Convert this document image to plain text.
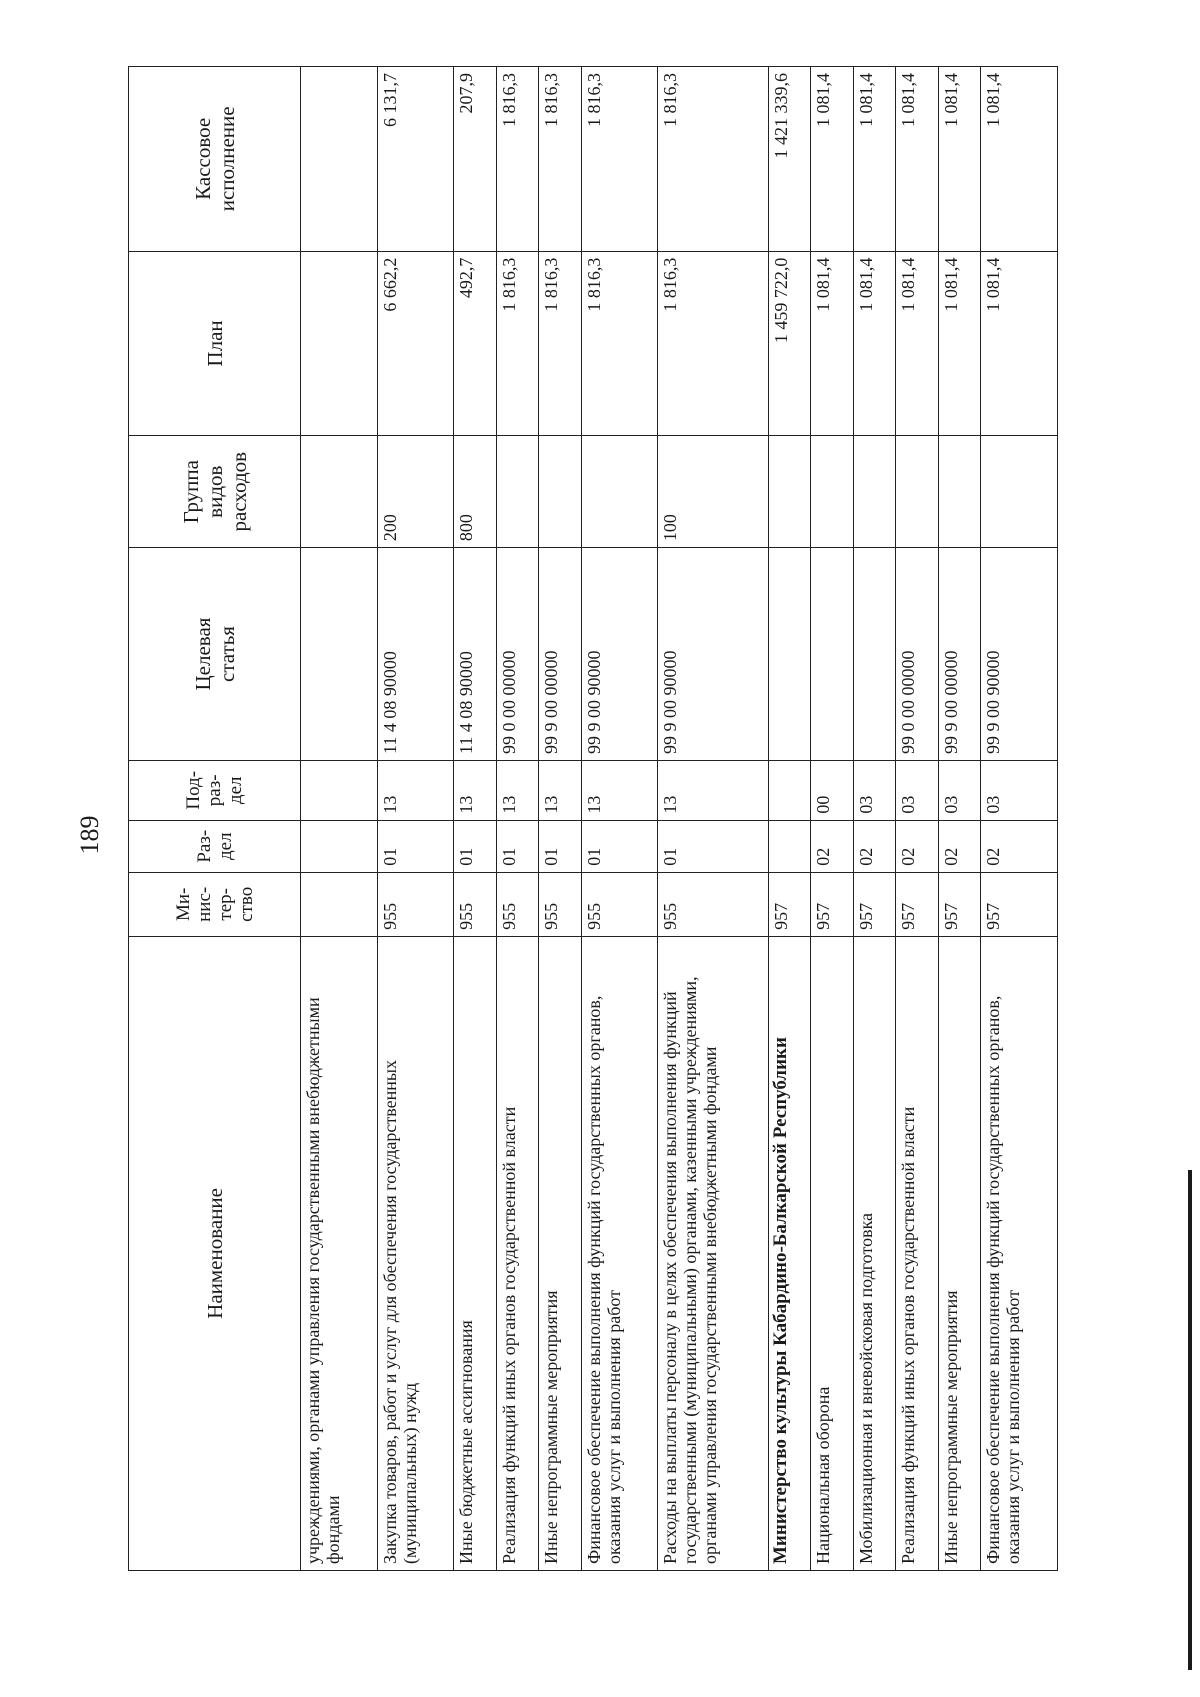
189
Наименование	Ми-
нис-
тер-
ство	Раз-
дел	Под-
раз-
дел	Целевая
статья	Группа
видов
расходов	План	Кассовое
исполнение
учреждениями, органами управления государственными внебюджетными фондами							
Закупка товаров, работ и услуг для обеспечения государственных (муниципальных) нужд	955	01	13	11 4 08 90000	200	6 662,2	6 131,7
Иные бюджетные ассигнования	955	01	13	11 4 08 90000	800	492,7	207,9
Реализация функций иных органов государственной власти	955	01	13	99 0 00 00000		1 816,3	1 816,3
Иные непрограммные мероприятия	955	01	13	99 9 00 00000		1 816,3	1 816,3
Финансовое обеспечение выполнения функций государственных органов, оказания услуг и выполнения работ	955	01	13	99 9 00 90000		1 816,3	1 816,3
Расходы на выплаты персоналу в целях обеспечения выполнения функций государственными (муниципальными) органами, казенными учреждениями, органами управления государственными внебюджетными фондами	955	01	13	99 9 00 90000	100	1 816,3	1 816,3
Министерство культуры Кабардино-Балкарской Республики	957					1 459 722,0	1 421 339,6
Национальная оборона	957	02	00			1 081,4	1 081,4
Мобилизационная и вневойсковая подготовка	957	02	03			1 081,4	1 081,4
Реализация функций иных органов государственной власти	957	02	03	99 0 00 00000		1 081,4	1 081,4
Иные непрограммные мероприятия	957	02	03	99 9 00 00000		1 081,4	1 081,4
Финансовое обеспечение выполнения функций государственных органов, оказания услуг и выполнения работ	957	02	03	99 9 00 90000		1 081,4	1 081,4
